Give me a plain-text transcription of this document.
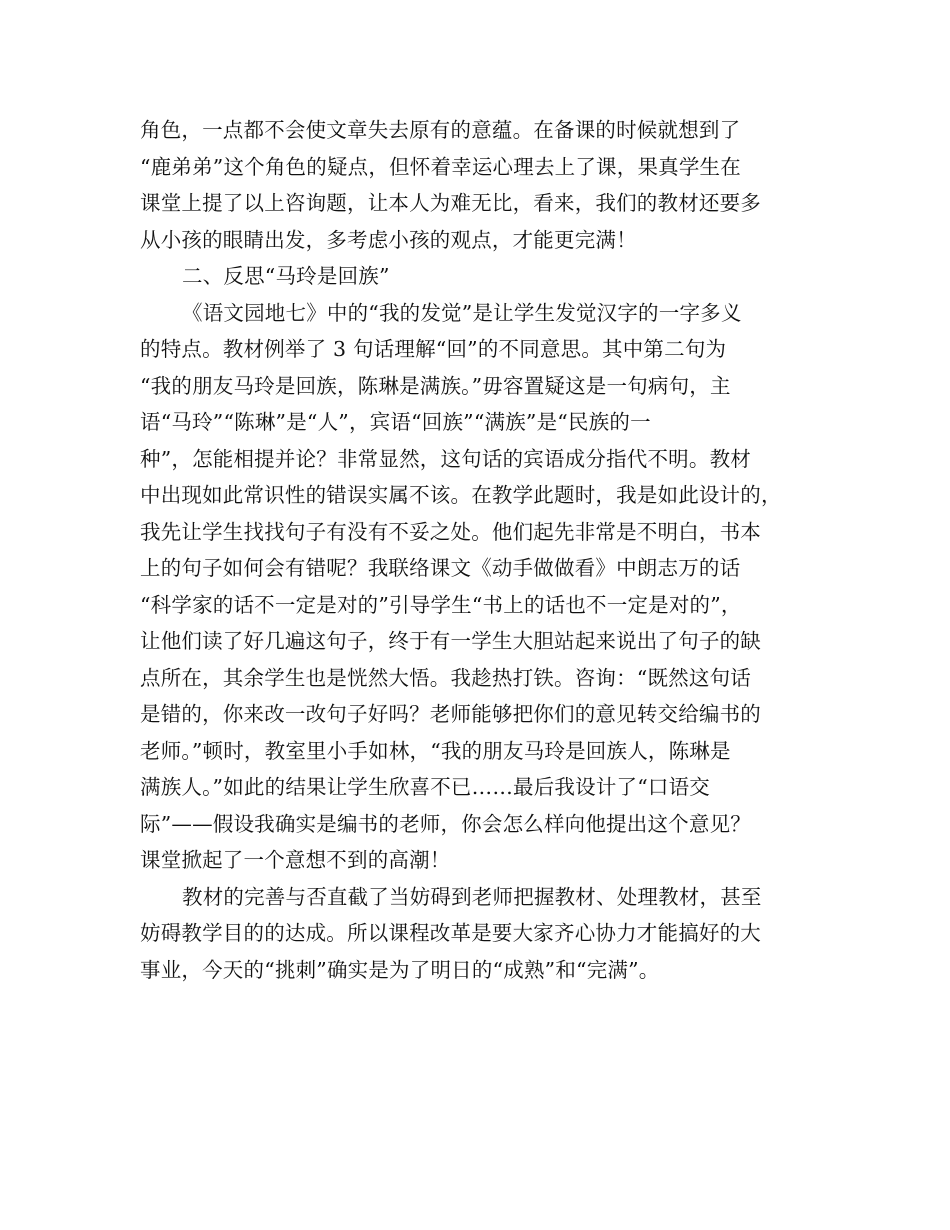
角色，一点都不会使文章失去原有的意蕴。在备课的时候就想到了
“鹿弟弟”这个角色的疑点，但怀着幸运心理去上了课，果真学生在
课堂上提了以上咨询题，让本人为难无比，看来，我们的教材还要多
从小孩的眼睛出发，多考虑小孩的观点，才能更完满！
二、反思“马玲是回族”
《语文园地七》中的“我的发觉”是让学生发觉汉字的一字多义
的特点。教材例举了 3 句话理解“回”的不同意思。其中第二句为
“我的朋友马玲是回族，陈琳是满族。”毋容置疑这是一句病句，主
语“马玲”“陈琳”是“人”，宾语“回族”“满族”是“民族的一
种”，怎能相提并论？非常显然，这句话的宾语成分指代不明。教材
中出现如此常识性的错误实属不该。在教学此题时，我是如此设计的，
我先让学生找找句子有没有不妥之处。他们起先非常是不明白，书本
上的句子如何会有错呢？我联络课文《动手做做看》中朗志万的话
“科学家的话不一定是对的”引导学生“书上的话也不一定是对的”，
让他们读了好几遍这句子，终于有一学生大胆站起来说出了句子的缺
点所在，其余学生也是恍然大悟。我趁热打铁。咨询：“既然这句话
是错的，你来改一改句子好吗？老师能够把你们的意见转交给编书的
老师。”顿时，教室里小手如林，“我的朋友马玲是回族人，陈琳是
满族人。”如此的结果让学生欣喜不已……最后我设计了“口语交
际”——假设我确实是编书的老师，你会怎么样向他提出这个意见？
课堂掀起了一个意想不到的高潮！
教材的完善与否直截了当妨碍到老师把握教材、处理教材，甚至
妨碍教学目的的达成。所以课程改革是要大家齐心协力才能搞好的大
事业，今天的“挑刺”确实是为了明日的“成熟”和“完满”。
